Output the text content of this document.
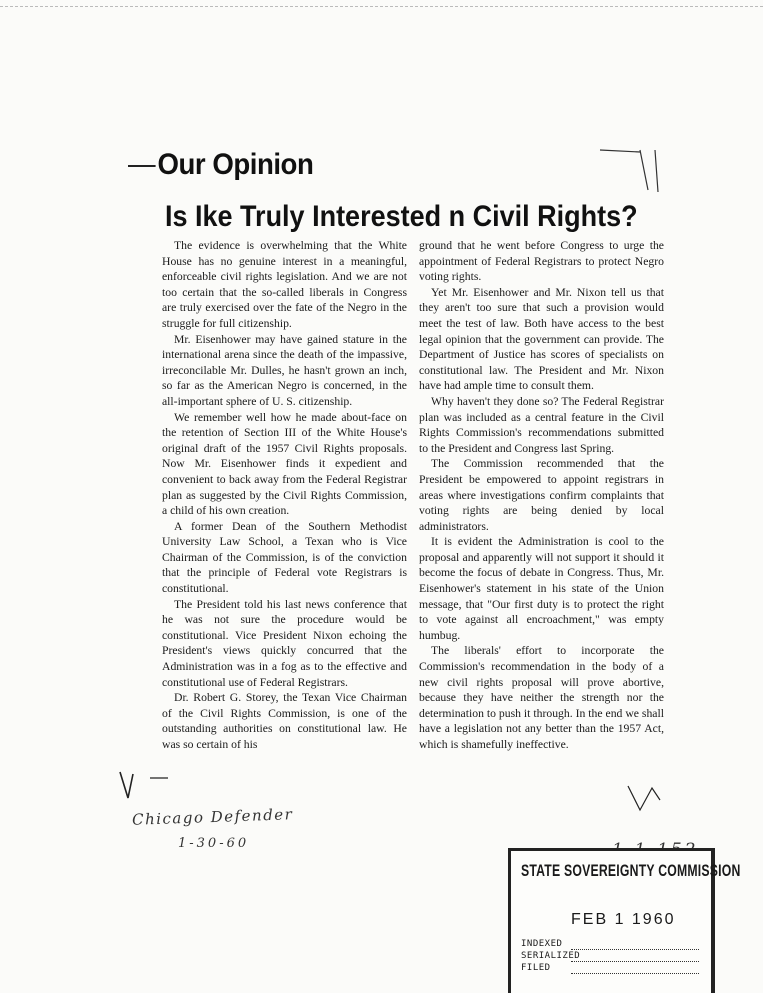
Our Opinion
Is Ike Truly Interested n Civil Rights?

The evidence is overwhelming that the White House has no genuine interest in a meaningful, enforceable civil rights legislation. And we are not too certain that the so-called liberals in Congress are truly exercised over the fate of the Negro in the struggle for full citizenship.

Mr. Eisenhower may have gained stature in the international arena since the death of the impassive, irreconcilable Mr. Dulles, he hasn't grown an inch, so far as the American Negro is concerned, in the all-important sphere of U. S. citizenship.

We remember well how he made about-face on the retention of Section III of the White House's original draft of the 1957 Civil Rights proposals. Now Mr. Eisenhower finds it expedient and convenient to back away from the Federal Registrar plan as suggested by the Civil Rights Commission, a child of his own creation.

A former Dean of the Southern Methodist University Law School, a Texan who is Vice Chairman of the Commission, is of the conviction that the principle of Federal vote Registrars is constitutional.

The President told his last news conference that he was not sure the procedure would be constitutional. Vice President Nixon echoing the President's views quickly concurred that the Administration was in a fog as to the effective and constitutional use of Federal Registrars.

Dr. Robert G. Storey, the Texan Vice Chairman of the Civil Rights Commission, is one of the outstanding authorities on constitutional law. He was so certain of his

ground that he went before Congress to urge the appointment of Federal Registrars to protect Negro voting rights.

Yet Mr. Eisenhower and Mr. Nixon tell us that they aren't too sure that such a provision would meet the test of law. Both have access to the best legal opinion that the government can provide. The Department of Justice has scores of specialists on constitutional law. The President and Mr. Nixon have had ample time to consult them.

Why haven't they done so? The Federal Registrar plan was included as a central feature in the Civil Rights Commission's recommendations submitted to the President and Congress last Spring.

The Commission recommended that the President be empowered to appoint registrars in areas where investigations confirm complaints that voting rights are being denied by local administrators.

It is evident the Administration is cool to the proposal and apparently will not support it should it become the focus of debate in Congress. Thus, Mr. Eisenhower's statement in his state of the Union message, that "Our first duty is to protect the right to vote against all encroachment," was empty humbug.

The liberals' effort to incorporate the Commission's recommendation in the body of a new civil rights proposal will prove abortive, because they have neither the strength nor the determination to push it through. In the end we shall have a legislation not any better than the 1957 Act, which is shamefully ineffective.

Chicago Defender
1-30-60
STATE SOVEREIGNTY COMMISSION
FEB 1 1960
INDEXED
SERIALIZED
FILED
